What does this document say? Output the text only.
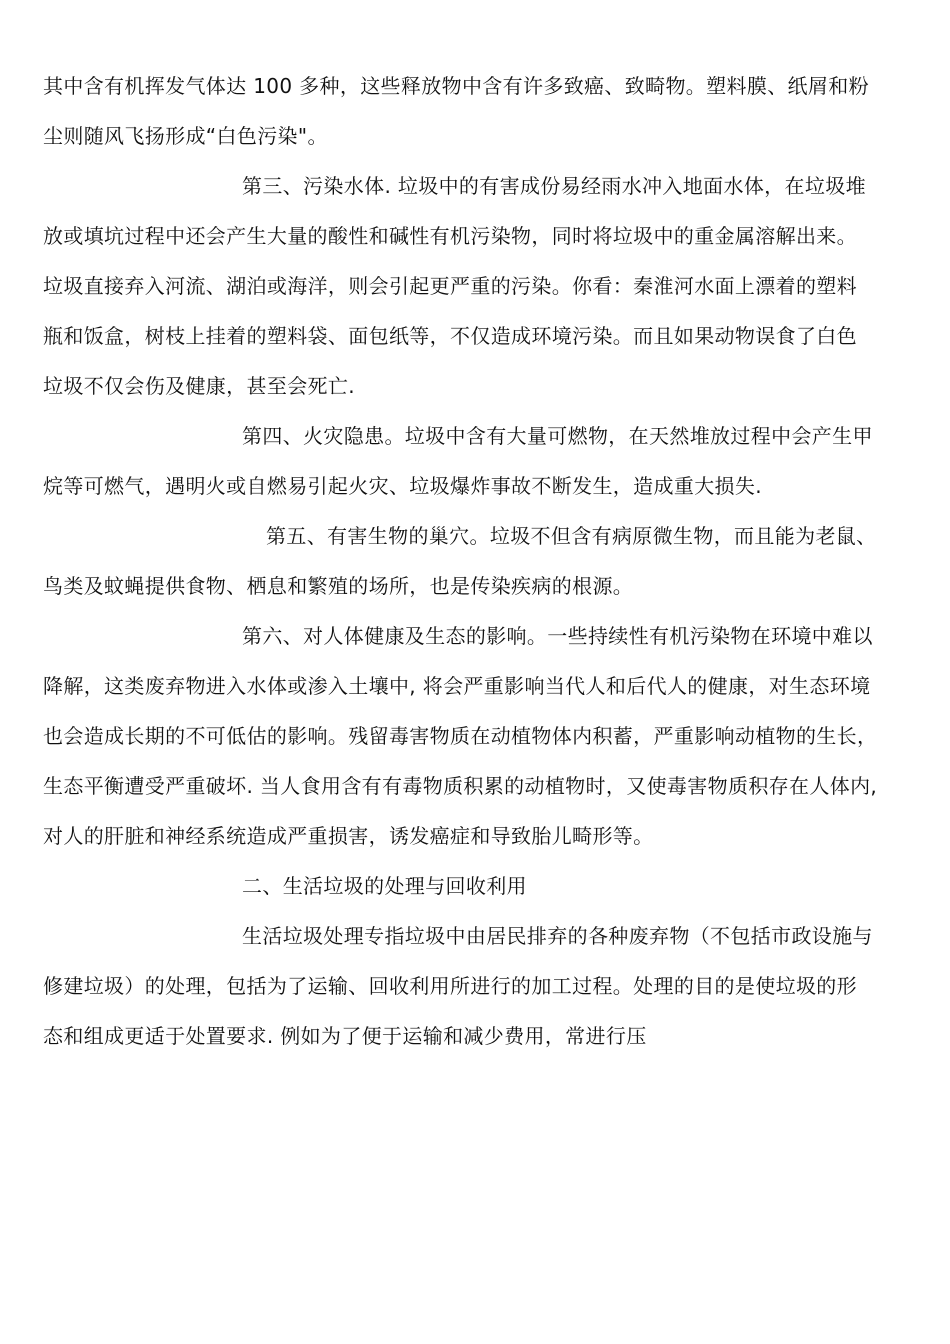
其中含有机挥发气体达 100 多种，这些释放物中含有许多致癌、致畸物。塑料膜、纸屑和粉
尘则随风飞扬形成“白色污染"。
第三、污染水体. 垃圾中的有害成份易经雨水冲入地面水体，在垃圾堆
放或填坑过程中还会产生大量的酸性和碱性有机污染物，同时将垃圾中的重金属溶解出来。
垃圾直接弃入河流、湖泊或海洋，则会引起更严重的污染。你看：秦淮河水面上漂着的塑料
瓶和饭盒，树枝上挂着的塑料袋、面包纸等，不仅造成环境污染。而且如果动物误食了白色
垃圾不仅会伤及健康，甚至会死亡.
第四、火灾隐患。垃圾中含有大量可燃物，在天然堆放过程中会产生甲
烷等可燃气，遇明火或自燃易引起火灾、垃圾爆炸事故不断发生，造成重大损失.
第五、有害生物的巢穴。垃圾不但含有病原微生物，而且能为老鼠、
鸟类及蚊蝇提供食物、栖息和繁殖的场所，也是传染疾病的根源。
第六、对人体健康及生态的影响。一些持续性有机污染物在环境中难以
降解，这类废弃物进入水体或渗入土壤中, 将会严重影响当代人和后代人的健康，对生态环境
也会造成长期的不可低估的影响。残留毒害物质在动植物体内积蓄，严重影响动植物的生长，
生态平衡遭受严重破坏. 当人食用含有有毒物质积累的动植物时，又使毒害物质积存在人体内,
对人的肝脏和神经系统造成严重损害，诱发癌症和导致胎儿畸形等。
二、生活垃圾的处理与回收利用
生活垃圾处理专指垃圾中由居民排弃的各种废弃物（不包括市政设施与
修建垃圾）的处理，包括为了运输、回收利用所进行的加工过程。处理的目的是使垃圾的形
态和组成更适于处置要求. 例如为了便于运输和减少费用，常进行压
